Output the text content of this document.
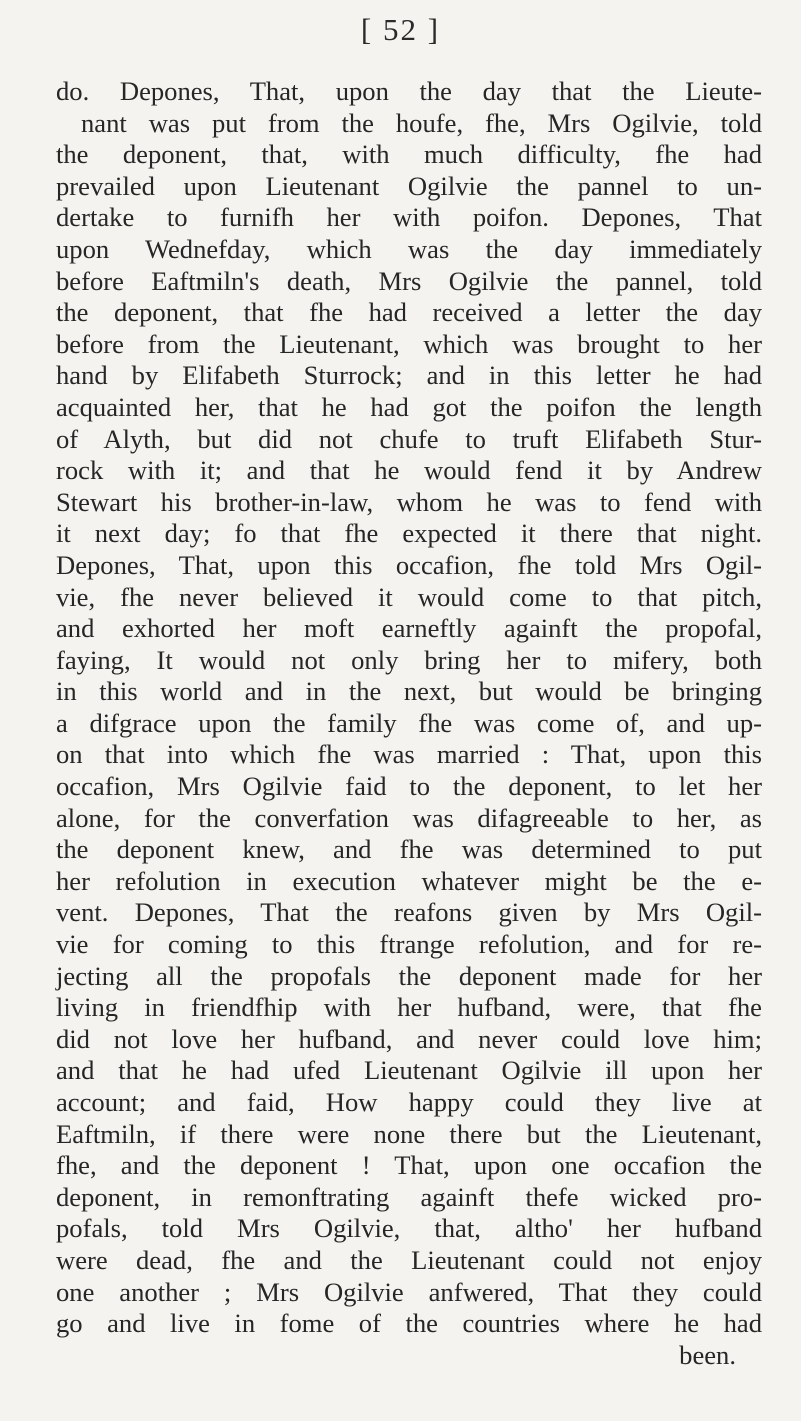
[ 52 ]
do. Depones, That, upon the day that the Lieute-
nant was put from the houfe, fhe, Mrs Ogilvie, told
the deponent, that, with much difficulty, fhe had
prevailed upon Lieutenant Ogilvie the pannel to un-
dertake to furnifh her with poifon. Depones, That
upon Wednefday, which was the day immediately
before Eaftmiln's death, Mrs Ogilvie the pannel, told
the deponent, that fhe had received a letter the day
before from the Lieutenant, which was brought to her
hand by Elifabeth Sturrock; and in this letter he had
acquainted her, that he had got the poifon the length
of Alyth, but did not chufe to truft Elifabeth Stur-
rock with it; and that he would fend it by Andrew
Stewart his brother-in-law, whom he was to fend with
it next day; fo that fhe expected it there that night.
Depones, That, upon this occafion, fhe told Mrs Ogil-
vie, fhe never believed it would come to that pitch,
and exhorted her moft earneftly againft the propofal,
faying, It would not only bring her to mifery, both
in this world and in the next, but would be bringing
a difgrace upon the family fhe was come of, and up-
on that into which fhe was married : That, upon this
occafion, Mrs Ogilvie faid to the deponent, to let her
alone, for the converfation was difagreeable to her, as
the deponent knew, and fhe was determined to put
her refolution in execution whatever might be the e-
vent. Depones, That the reafons given by Mrs Ogil-
vie for coming to this ftrange refolution, and for re-
jecting all the propofals the deponent made for her
living in friendfhip with her hufband, were, that fhe
did not love her hufband, and never could love him;
and that he had ufed Lieutenant Ogilvie ill upon her
account; and faid, How happy could they live at
Eaftmiln, if there were none there but the Lieutenant,
fhe, and the deponent ! That, upon one occafion the
deponent, in remonftrating againft thefe wicked pro-
pofals, told Mrs Ogilvie, that, altho' her hufband
were dead, fhe and the Lieutenant could not enjoy
one another ; Mrs Ogilvie anfwered, That they could
go and live in fome of the countries where he had
been.
